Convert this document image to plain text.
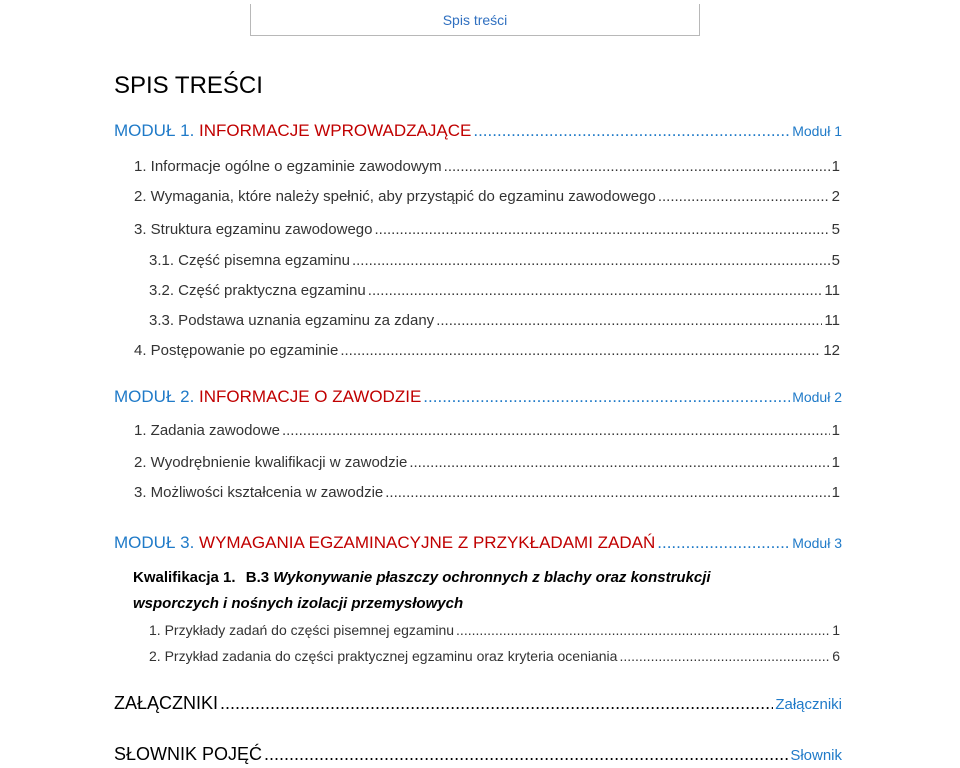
Spis treści
SPIS TREŚCI
MODUŁ 1. INFORMACJE WPROWADZAJĄCE .....	Moduł 1
1. Informacje ogólne o egzaminie zawodowym .....	1
2. Wymagania, które należy spełnić, aby przystąpić do egzaminu zawodowego .....	2
3. Struktura egzaminu zawodowego .....	5
3.1. Część pisemna egzaminu .....	5
3.2. Część praktyczna egzaminu .....	11
3.3. Podstawa uznania egzaminu za zdany .....	11
4. Postępowanie po egzaminie .....	12
MODUŁ 2. INFORMACJE O ZAWODZIE .....	Moduł 2
1. Zadania zawodowe .....	1
2. Wyodrębnienie kwalifikacji w zawodzie .....	1
3. Możliwości kształcenia w zawodzie .....	1
MODUŁ 3. WYMAGANIA EGZAMINACYJNE Z PRZYKŁADAMI ZADAŃ .....	Moduł 3
Kwalifikacja 1. B.3 Wykonywanie płaszczy ochronnych z blachy oraz konstrukcji
wsporczych i nośnych izolacji przemysłowych
1. Przykłady zadań do części pisemnej egzaminu .....	1
2. Przykład zadania do części praktycznej egzaminu oraz kryteria oceniania .....	6
ZAŁĄCZNIKI .....	Załączniki
SŁOWNIK POJĘĆ .....	Słownik
